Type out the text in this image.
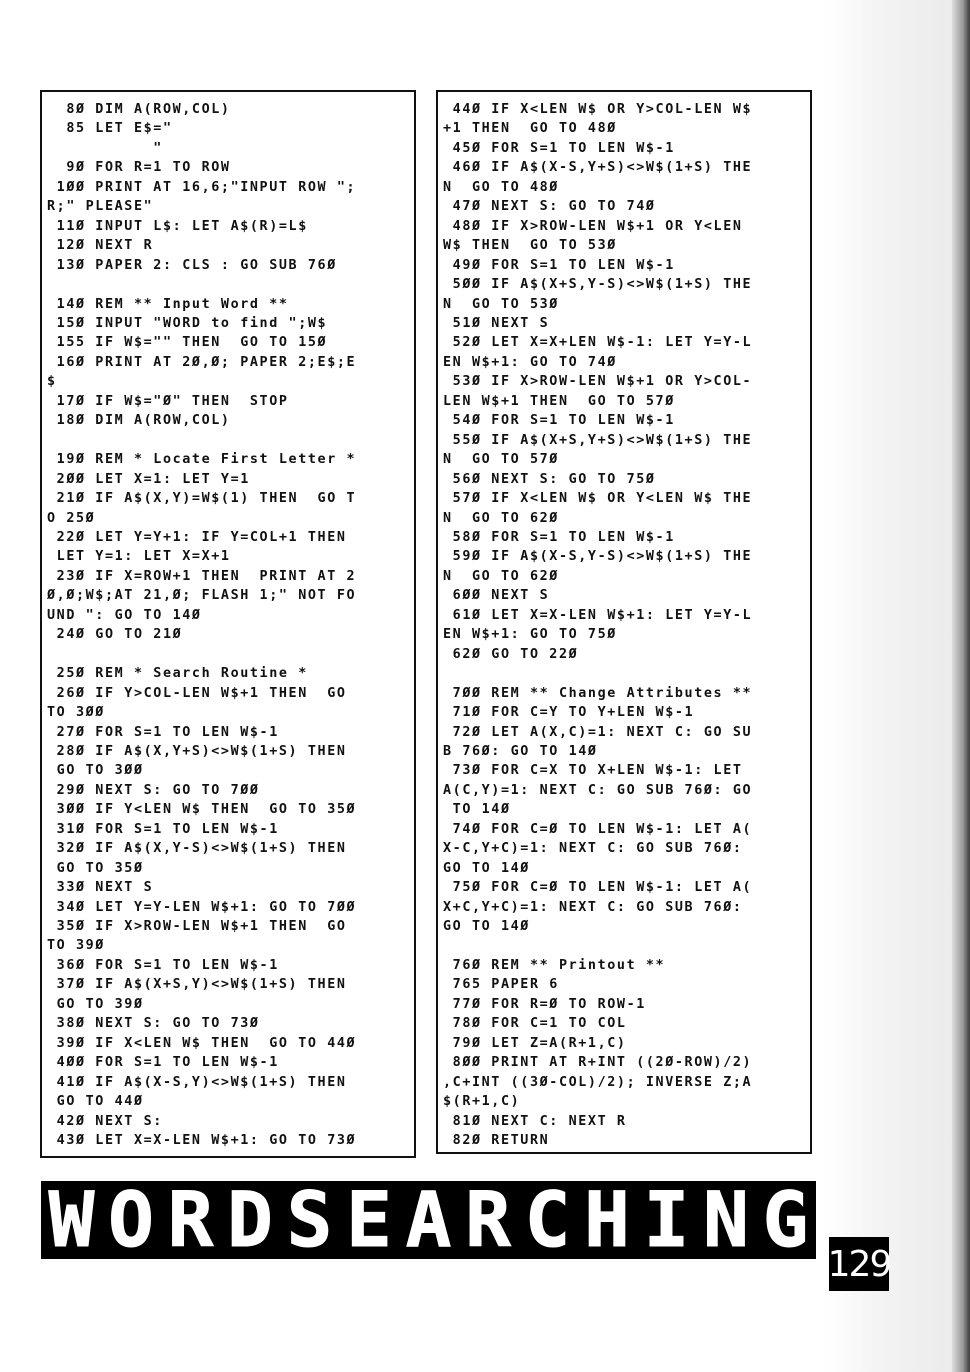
8Ø DIM A(ROW,COL)
85 LET E$="
"
9Ø FOR R=1 TO ROW
1ØØ PRINT AT 16,6;"INPUT ROW ";
R;" PLEASE"
11Ø INPUT L$: LET A$(R)=L$
12Ø NEXT R
13Ø PAPER 2: CLS : GO SUB 76Ø

14Ø REM ** Input Word **
15Ø INPUT "WORD to find ";W$
155 IF W$="" THEN  GO TO 15Ø
16Ø PRINT AT 2Ø,Ø; PAPER 2;E$;E
$
17Ø IF W$="Ø" THEN  STOP
18Ø DIM A(ROW,COL)

19Ø REM * Locate First Letter *
2ØØ LET X=1: LET Y=1
21Ø IF A$(X,Y)=W$(1) THEN  GO T
O 25Ø
22Ø LET Y=Y+1: IF Y=COL+1 THEN
LET Y=1: LET X=X+1
23Ø IF X=ROW+1 THEN  PRINT AT 2
Ø,Ø;W$;AT 21,Ø; FLASH 1;" NOT FO
UND ": GO TO 14Ø
24Ø GO TO 21Ø

25Ø REM * Search Routine *
26Ø IF Y>COL-LEN W$+1 THEN  GO
TO 3ØØ
27Ø FOR S=1 TO LEN W$-1
28Ø IF A$(X,Y+S)<>W$(1+S) THEN
GO TO 3ØØ
29Ø NEXT S: GO TO 7ØØ
3ØØ IF Y<LEN W$ THEN  GO TO 35Ø
31Ø FOR S=1 TO LEN W$-1
32Ø IF A$(X,Y-S)<>W$(1+S) THEN
GO TO 35Ø
33Ø NEXT S
34Ø LET Y=Y-LEN W$+1: GO TO 7ØØ
35Ø IF X>ROW-LEN W$+1 THEN  GO
TO 39Ø
36Ø FOR S=1 TO LEN W$-1
37Ø IF A$(X+S,Y)<>W$(1+S) THEN
GO TO 39Ø
38Ø NEXT S: GO TO 73Ø
39Ø IF X<LEN W$ THEN  GO TO 44Ø
4ØØ FOR S=1 TO LEN W$-1
41Ø IF A$(X-S,Y)<>W$(1+S) THEN
GO TO 44Ø
42Ø NEXT S:
43Ø LET X=X-LEN W$+1: GO TO 73Ø

44Ø IF X<LEN W$ OR Y>COL-LEN W$
+1 THEN  GO TO 48Ø
45Ø FOR S=1 TO LEN W$-1
46Ø IF A$(X-S,Y+S)<>W$(1+S) THE
N  GO TO 48Ø
47Ø NEXT S: GO TO 74Ø
48Ø IF X>ROW-LEN W$+1 OR Y<LEN
W$ THEN  GO TO 53Ø
49Ø FOR S=1 TO LEN W$-1
5ØØ IF A$(X+S,Y-S)<>W$(1+S) THE
N  GO TO 53Ø
51Ø NEXT S
52Ø LET X=X+LEN W$-1: LET Y=Y-L
EN W$+1: GO TO 74Ø
53Ø IF X>ROW-LEN W$+1 OR Y>COL-
LEN W$+1 THEN  GO TO 57Ø
54Ø FOR S=1 TO LEN W$-1
55Ø IF A$(X+S,Y+S)<>W$(1+S) THE
N  GO TO 57Ø
56Ø NEXT S: GO TO 75Ø
57Ø IF X<LEN W$ OR Y<LEN W$ THE
N  GO TO 62Ø
58Ø FOR S=1 TO LEN W$-1
59Ø IF A$(X-S,Y-S)<>W$(1+S) THE
N  GO TO 62Ø
6ØØ NEXT S
61Ø LET X=X-LEN W$+1: LET Y=Y-L
EN W$+1: GO TO 75Ø
62Ø GO TO 22Ø

7ØØ REM ** Change Attributes **
71Ø FOR C=Y TO Y+LEN W$-1
72Ø LET A(X,C)=1: NEXT C: GO SU
B 76Ø: GO TO 14Ø
73Ø FOR C=X TO X+LEN W$-1: LET
A(C,Y)=1: NEXT C: GO SUB 76Ø: GO
TO 14Ø
74Ø FOR C=Ø TO LEN W$-1: LET A(
X-C,Y+C)=1: NEXT C: GO SUB 76Ø:
GO TO 14Ø
75Ø FOR C=Ø TO LEN W$-1: LET A(
X+C,Y+C)=1: NEXT C: GO SUB 76Ø:
GO TO 14Ø

76Ø REM ** Printout **
765 PAPER 6
77Ø FOR R=Ø TO ROW-1
78Ø FOR C=1 TO COL
79Ø LET Z=A(R+1,C)
8ØØ PRINT AT R+INT ((2Ø-ROW)/2)
,C+INT ((3Ø-COL)/2); INVERSE Z;A
$(R+1,C)
81Ø NEXT C: NEXT R
82Ø RETURN

W O R D S E A R C H I N G 129
